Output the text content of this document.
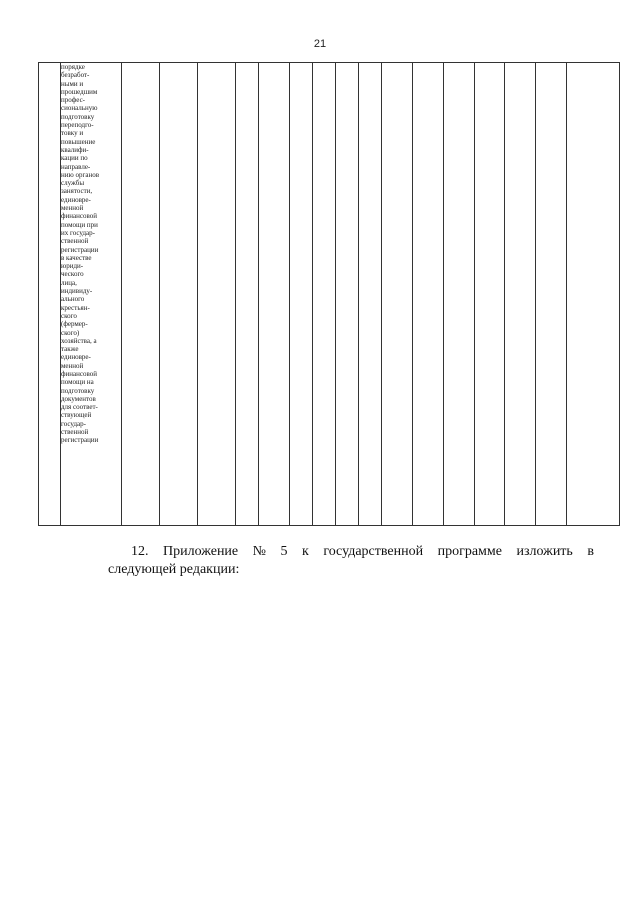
21

порядке
безработ-
ными и
прошедшим
профес-
сиональную
подготовку
переподго-
товку и
повышение
квалифи-
кации по
направле-
нию органов
службы
занятости,
единовре-
менной
финансовой
помощи при
их государ-
ственной
регистрации
в качестве
юриди-
ческого
лица,
индивиду-
ального
крестьян-
ского
(фермер-
ского)
хозяйства, а
также
единовре-
менной
финансовой
помощи на
подготовку
документов
для соответ-
ствующей
государ-
ственной
регистрации

12. Приложение № 5 к государственной программе изложить в
следующей редакции:
